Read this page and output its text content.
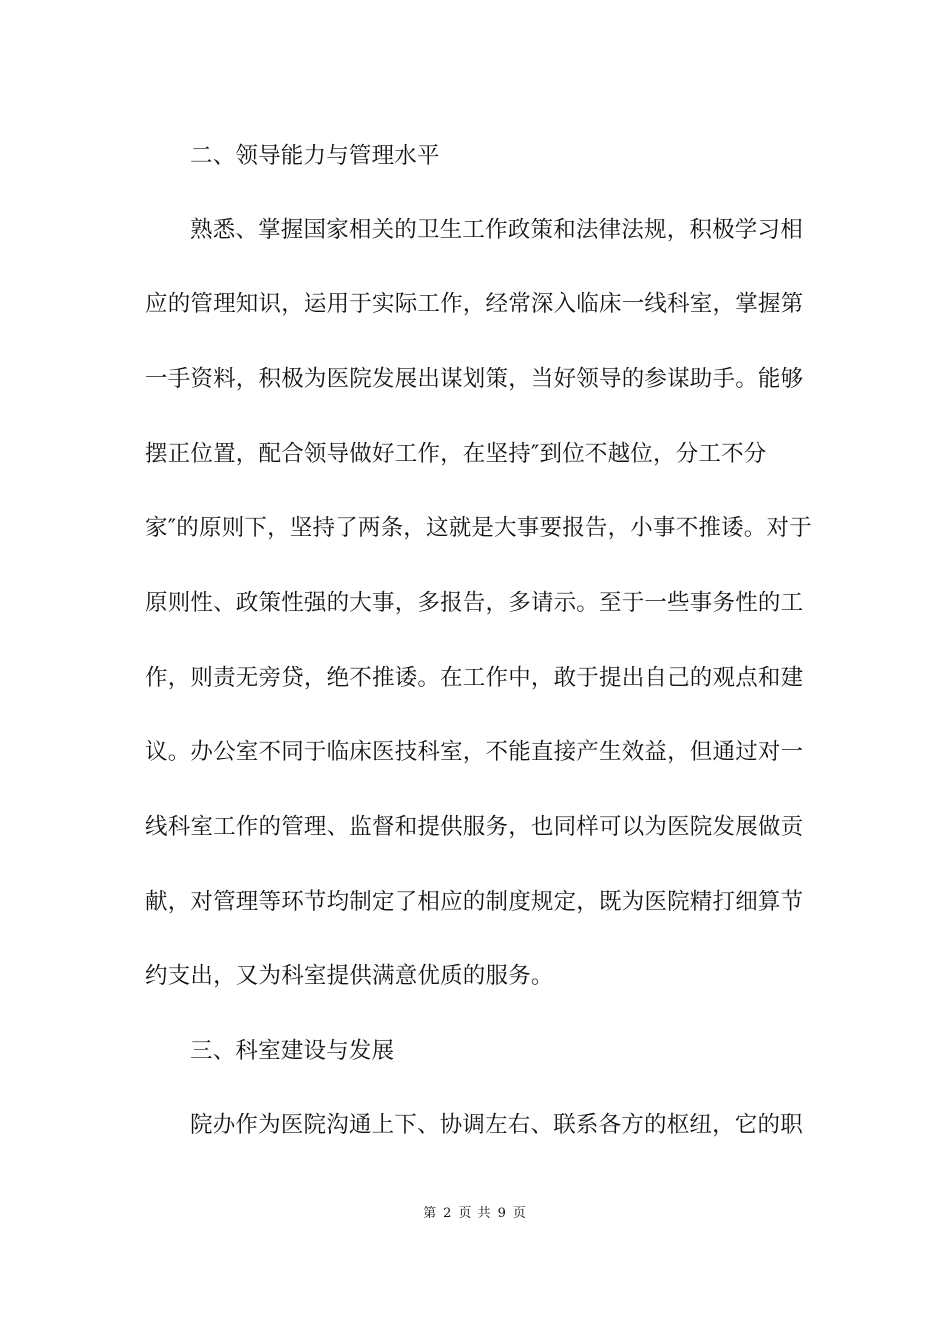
二、领导能力与管理水平
熟悉、掌握国家相关的卫生工作政策和法律法规，积极学习相
应的管理知识，运用于实际工作，经常深入临床一线科室，掌握第
一手资料，积极为医院发展出谋划策，当好领导的参谋助手。能够
摆正位置，配合领导做好工作，在坚持″到位不越位，分工不分
家″的原则下，坚持了两条，这就是大事要报告，小事不推诿。对于
原则性、政策性强的大事，多报告，多请示。至于一些事务性的工
作，则责无旁贷，绝不推诿。在工作中，敢于提出自己的观点和建
议。办公室不同于临床医技科室，不能直接产生效益，但通过对一
线科室工作的管理、监督和提供服务，也同样可以为医院发展做贡
献，对管理等环节均制定了相应的制度规定，既为医院精打细算节
约支出，又为科室提供满意优质的服务。
三、科室建设与发展
院办作为医院沟通上下、协调左右、联系各方的枢纽，它的职
第 2 页 共 9 页
